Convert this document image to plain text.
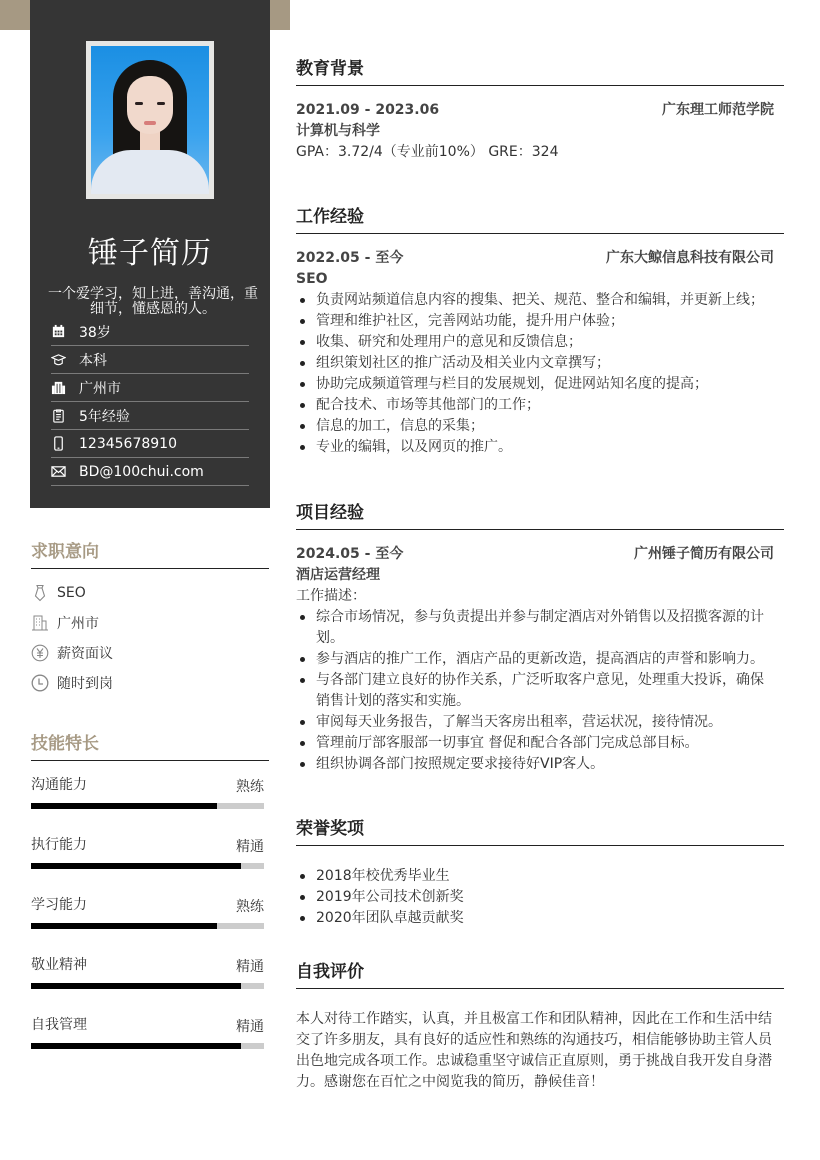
锤子简历
一个爱学习，知上进，善沟通，重细节，懂感恩的人。
38岁
本科
广州市
5年经验
12345678910
BD@100chui.com
求职意向
SEO
广州市
薪资面议
随时到岗
技能特长
沟通能力	熟练
执行能力	精通
学习能力	熟练
敬业精神	精通
自我管理	精通
教育背景
2021.09 - 2023.06	广东理工师范学院
计算机与科学
GPA：3.72/4（专业前10%） GRE：324
工作经验
2022.05 - 至今	广东大鲸信息科技有限公司
SEO
负责网站频道信息内容的搜集、把关、规范、整合和编辑，并更新上线；
管理和维护社区，完善网站功能，提升用户体验；
收集、研究和处理用户的意见和反馈信息；
组织策划社区的推广活动及相关业内文章撰写；
协助完成频道管理与栏目的发展规划，促进网站知名度的提高；
配合技术、市场等其他部门的工作；
信息的加工，信息的采集；
专业的编辑，以及网页的推广。
项目经验
2024.05 - 至今	广州锤子简历有限公司
酒店运营经理
工作描述：
综合市场情况，参与负责提出并参与制定酒店对外销售以及招揽客源的计划。
参与酒店的推广工作，酒店产品的更新改造，提高酒店的声誉和影响力。
与各部门建立良好的协作关系，广泛听取客户意见，处理重大投诉，确保销售计划的落实和实施。
审阅每天业务报告，了解当天客房出租率，营运状况，接待情况。
管理前厅部客服部一切事宜 督促和配合各部门完成总部目标。
组织协调各部门按照规定要求接待好VIP客人。
荣誉奖项
2018年校优秀毕业生
2019年公司技术创新奖
2020年团队卓越贡献奖
自我评价
本人对待工作踏实，认真，并且极富工作和团队精神，因此在工作和生活中结交了许多朋友，具有良好的适应性和熟练的沟通技巧，相信能够协助主管人员出色地完成各项工作。忠诚稳重坚守诚信正直原则，勇于挑战自我开发自身潜力。感谢您在百忙之中阅览我的简历，静候佳音！
